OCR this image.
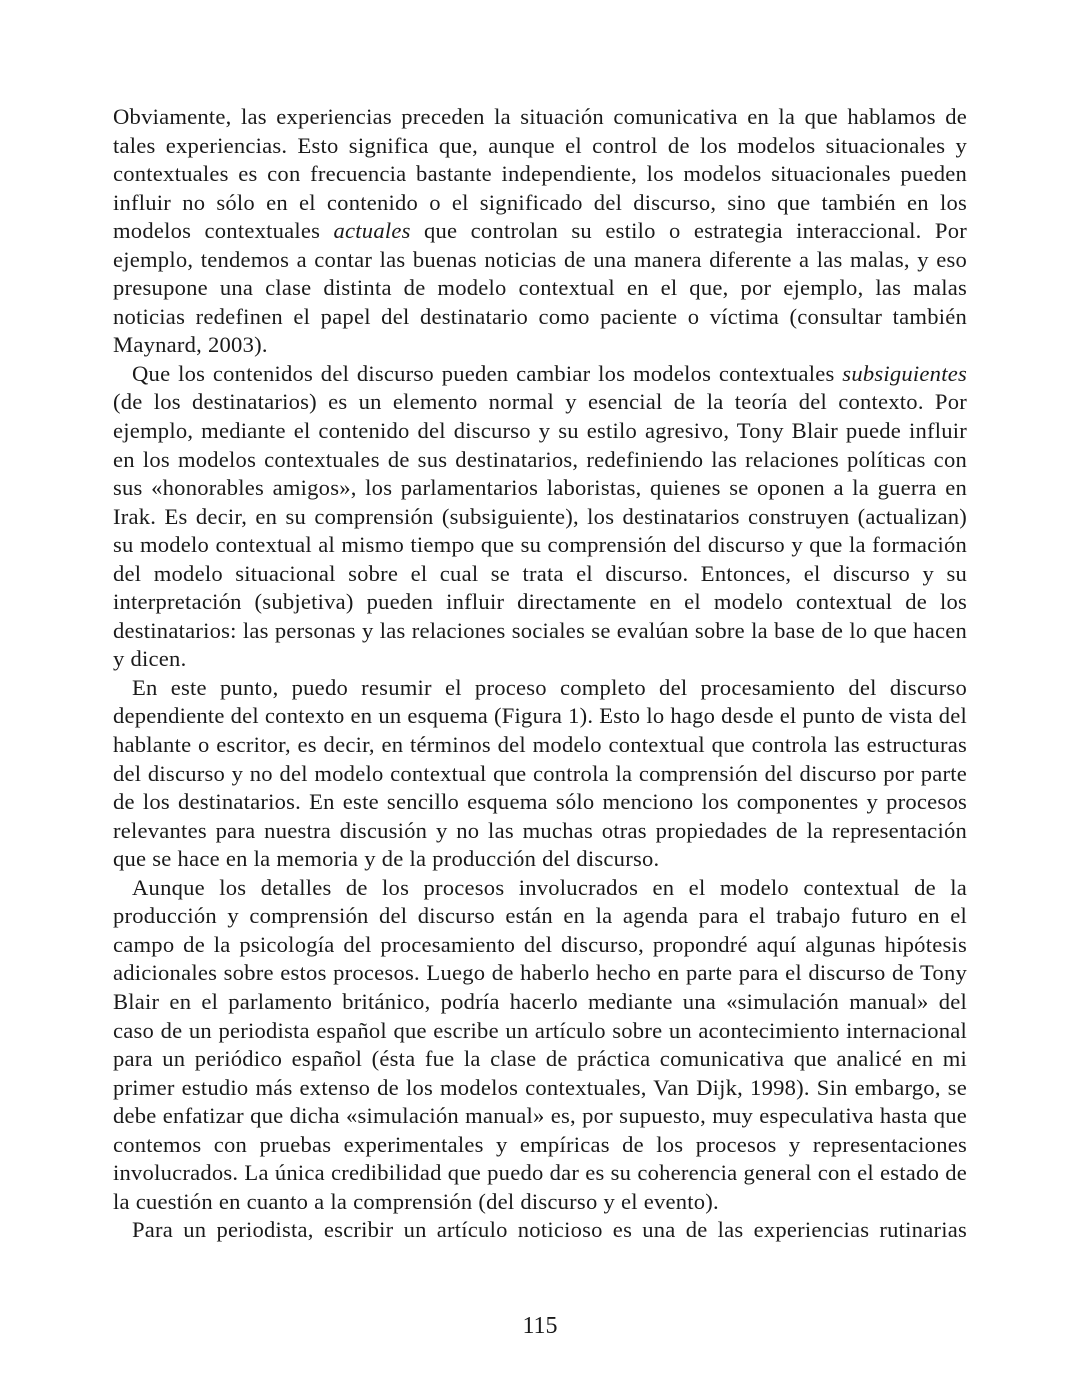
Obviamente, las experiencias preceden la situación comunicativa en la que hablamos de tales experiencias. Esto significa que, aunque el control de los modelos situacionales y contextuales es con frecuencia bastante independiente, los modelos situacionales pueden influir no sólo en el contenido o el significado del discurso, sino que también en los modelos contextuales actuales que controlan su estilo o estrategia interaccional. Por ejemplo, tendemos a contar las buenas noticias de una manera diferente a las malas, y eso presupone una clase distinta de modelo contextual en el que, por ejemplo, las malas noticias redefinen el papel del destinatario como paciente o víctima (consultar también Maynard, 2003).

Que los contenidos del discurso pueden cambiar los modelos contextuales subsiguientes (de los destinatarios) es un elemento normal y esencial de la teoría del contexto. Por ejemplo, mediante el contenido del discurso y su estilo agresivo, Tony Blair puede influir en los modelos contextuales de sus destinatarios, redefiniendo las relaciones políticas con sus «honorables amigos», los parlamentarios laboristas, quienes se oponen a la guerra en Irak. Es decir, en su comprensión (subsiguiente), los destinatarios construyen (actualizan) su modelo contextual al mismo tiempo que su comprensión del discurso y que la formación del modelo situacional sobre el cual se trata el discurso. Entonces, el discurso y su interpretación (subjetiva) pueden influir directamente en el modelo contextual de los destinatarios: las personas y las relaciones sociales se evalúan sobre la base de lo que hacen y dicen.

En este punto, puedo resumir el proceso completo del procesamiento del discurso dependiente del contexto en un esquema (Figura 1). Esto lo hago desde el punto de vista del hablante o escritor, es decir, en términos del modelo contextual que controla las estructuras del discurso y no del modelo contextual que controla la comprensión del discurso por parte de los destinatarios. En este sencillo esquema sólo menciono los componentes y procesos relevantes para nuestra discusión y no las muchas otras propiedades de la representación que se hace en la memoria y de la producción del discurso.

Aunque los detalles de los procesos involucrados en el modelo contextual de la producción y comprensión del discurso están en la agenda para el trabajo futuro en el campo de la psicología del procesamiento del discurso, propondré aquí algunas hipótesis adicionales sobre estos procesos. Luego de haberlo hecho en parte para el discurso de Tony Blair en el parlamento británico, podría hacerlo mediante una «simulación manual» del caso de un periodista español que escribe un artículo sobre un acontecimiento internacional para un periódico español (ésta fue la clase de práctica comunicativa que analicé en mi primer estudio más extenso de los modelos contextuales, Van Dijk, 1998). Sin embargo, se debe enfatizar que dicha «simulación manual» es, por supuesto, muy especulativa hasta que contemos con pruebas experimentales y empíricas de los procesos y representaciones involucrados. La única credibilidad que puedo dar es su coherencia general con el estado de la cuestión en cuanto a la comprensión (del discurso y el evento).

Para un periodista, escribir un artículo noticioso es una de las experiencias rutinarias

115
